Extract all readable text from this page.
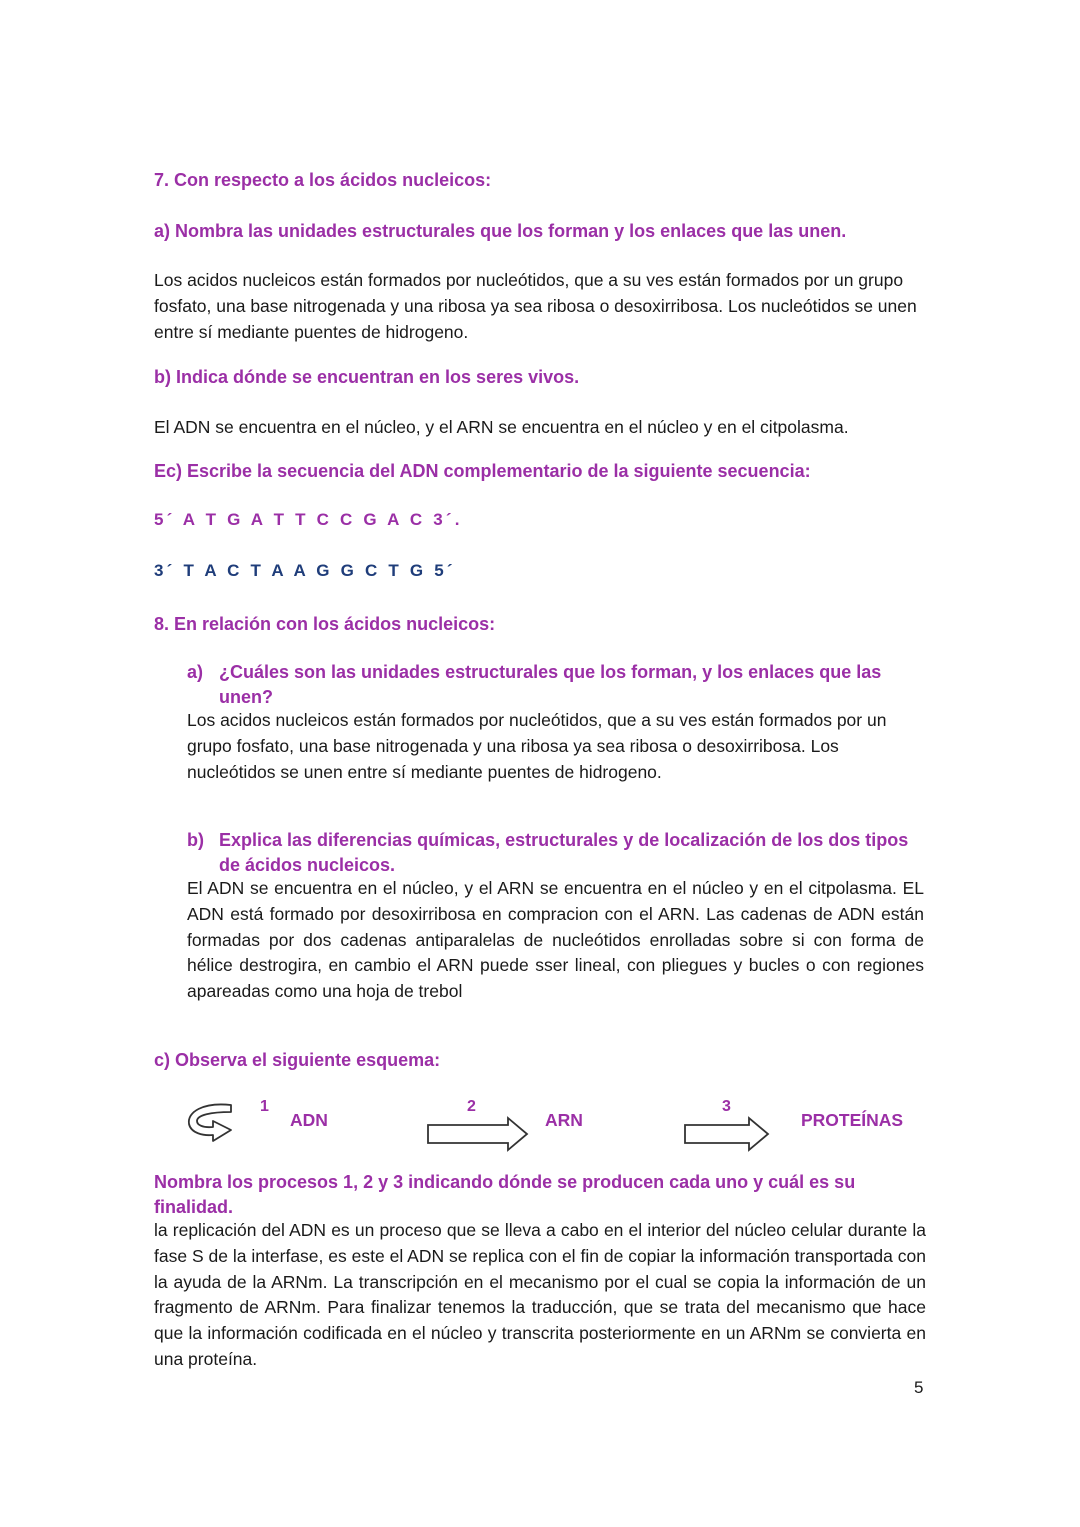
7. Con respecto a los ácidos nucleicos:
a) Nombra las unidades estructurales que los forman y los enlaces que las unen.
Los acidos nucleicos están formados por nucleótidos, que a su ves están formados por un grupo fosfato, una base nitrogenada y una ribosa ya sea ribosa o desoxirribosa. Los nucleótidos se unen entre sí mediante puentes de hidrogeno.
b) Indica dónde se encuentran en los seres vivos.
El ADN se encuentra en el núcleo, y el ARN se encuentra en el núcleo y en el citpolasma.
Ec) Escribe la secuencia del ADN complementario de la siguiente secuencia:
5´ A T G A T T C C G A C 3´.
3´ T A C T A A G G C T G 5´
8. En relación con los ácidos nucleicos:
a) ¿Cuáles son las unidades estructurales que los forman, y los enlaces que las unen?
Los acidos nucleicos están formados por nucleótidos, que a su ves están formados por un grupo fosfato, una base nitrogenada y una ribosa ya sea ribosa o desoxirribosa. Los nucleótidos se unen entre sí mediante puentes de hidrogeno.
b) Explica las diferencias químicas, estructurales y de localización de los dos tipos de ácidos nucleicos.
El ADN se encuentra en el núcleo, y el ARN se encuentra en el núcleo y en el citpolasma. EL ADN está formado por desoxirribosa en compracion con el ARN. Las cadenas de ADN están formadas por dos cadenas antiparalelas de nucleótidos enrolladas sobre si con forma de hélice destrogira, en cambio el ARN puede sser lineal, con pliegues y bucles o con regiones apareadas como una hoja de trebol
c) Observa el siguiente esquema:
1
ADN
2
ARN
3
PROTEÍNAS
Nombra los procesos 1, 2 y 3 indicando dónde se producen cada uno y cuál es su finalidad.
la replicación del ADN es un proceso que se lleva a cabo en el interior del núcleo celular durante la fase S de la interfase, es este el ADN se replica con el fin de copiar la información transportada con la ayuda de la ARNm. La transcripción en el mecanismo por el cual se copia la información de un fragmento de ARNm. Para finalizar tenemos la traducción, que se trata del mecanismo que hace que la información codificada en el núcleo y transcrita posteriormente en un ARNm se convierta en una proteína.
5
